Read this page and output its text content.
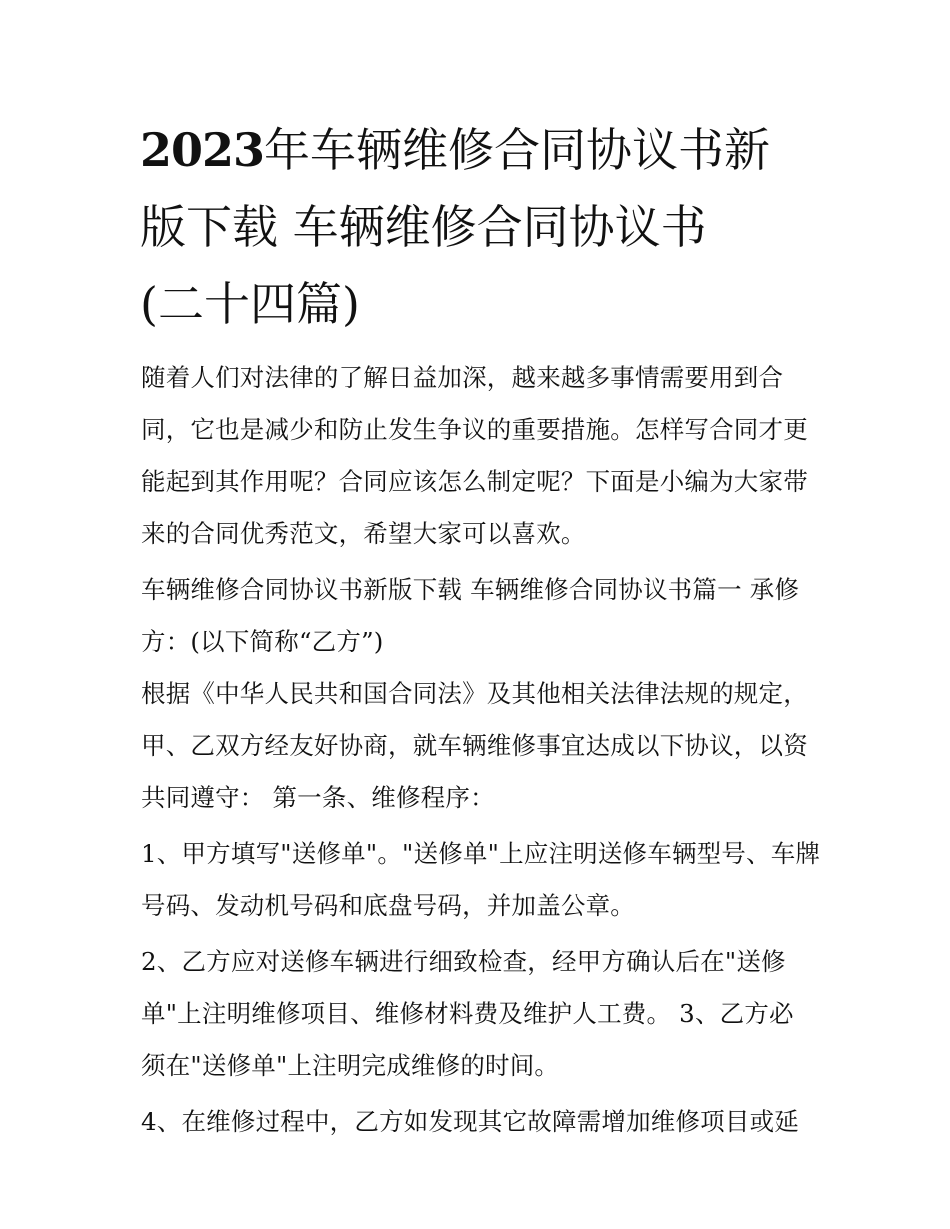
2023年车辆维修合同协议书新
版下载 车辆维修合同协议书
(二十四篇)

随着人们对法律的了解日益加深，越来越多事情需要用到合
同，它也是减少和防止发生争议的重要措施。怎样写合同才更
能起到其作用呢？合同应该怎么制定呢？下面是小编为大家带
来的合同优秀范文，希望大家可以喜欢。

车辆维修合同协议书新版下载 车辆维修合同协议书篇一 承修
方：(以下简称“乙方”)

根据《中华人民共和国合同法》及其他相关法律法规的规定，
甲、乙双方经友好协商，就车辆维修事宜达成以下协议，以资
共同遵守： 第一条、维修程序：

1、甲方填写"送修单"。"送修单"上应注明送修车辆型号、车牌
号码、发动机号码和底盘号码，并加盖公章。

2、乙方应对送修车辆进行细致检查，经甲方确认后在"送修
单"上注明维修项目、维修材料费及维护人工费。 3、乙方必
须在"送修单"上注明完成维修的时间。

4、在维修过程中，乙方如发现其它故障需增加维修项目或延
